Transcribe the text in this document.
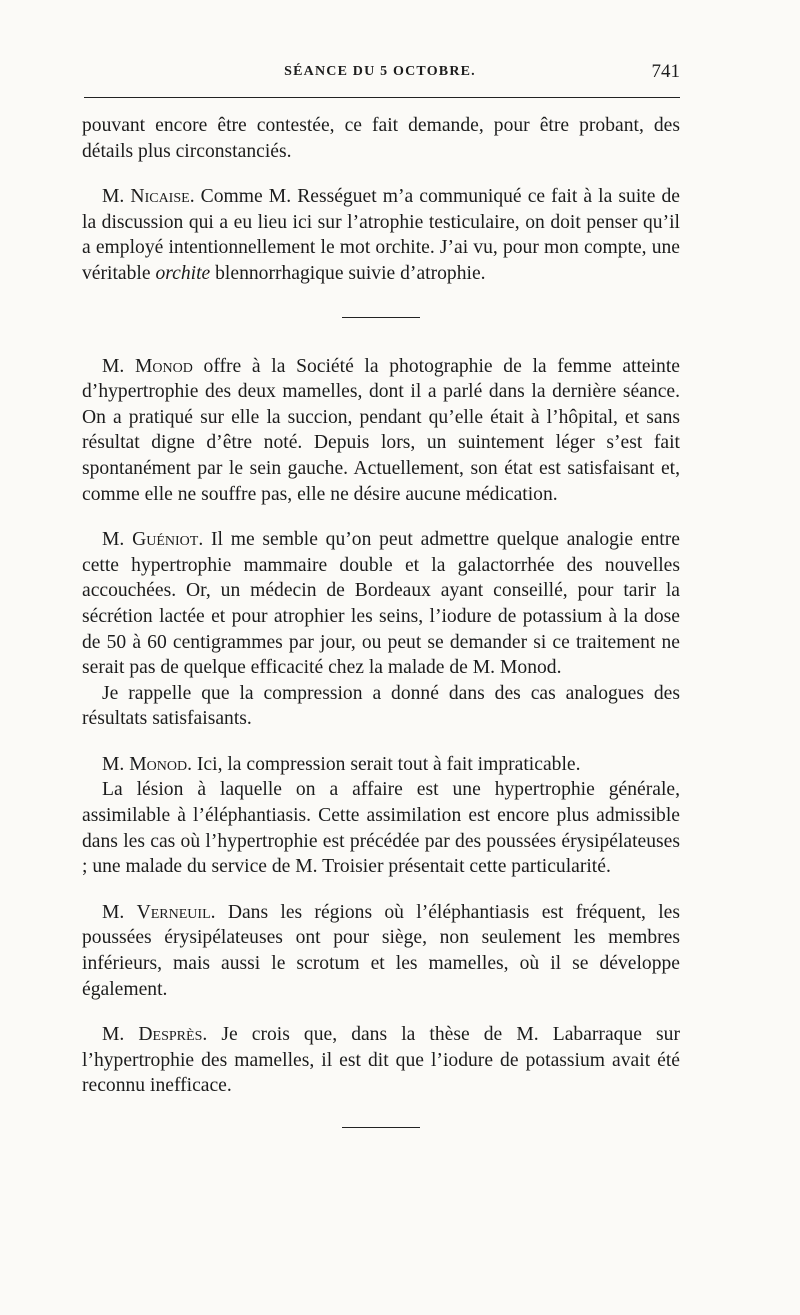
SÉANCE DU 5 OCTOBRE.	741

pouvant encore être contestée, ce fait demande, pour être probant, des détails plus circonstanciés.

M. Nicaise. Comme M. Rességuet m’a communiqué ce fait à la suite de la discussion qui a eu lieu ici sur l’atrophie testiculaire, on doit penser qu’il a employé intentionnellement le mot orchite. J’ai vu, pour mon compte, une véritable orchite blennorrhagique suivie d’atrophie.

M. Monod offre à la Société la photographie de la femme atteinte d’hypertrophie des deux mamelles, dont il a parlé dans la dernière séance. On a pratiqué sur elle la succion, pendant qu’elle était à l’hôpital, et sans résultat digne d’être noté. Depuis lors, un suintement léger s’est fait spontanément par le sein gauche. Actuellement, son état est satisfaisant et, comme elle ne souffre pas, elle ne désire aucune médication.

M. Guéniot. Il me semble qu’on peut admettre quelque analogie entre cette hypertrophie mammaire double et la galactorrhée des nouvelles accouchées. Or, un médecin de Bordeaux ayant conseillé, pour tarir la sécrétion lactée et pour atrophier les seins, l’iodure de potassium à la dose de 50 à 60 centigrammes par jour, ou peut se demander si ce traitement ne serait pas de quelque efficacité chez la malade de M. Monod.

Je rappelle que la compression a donné dans des cas analogues des résultats satisfaisants.

M. Monod. Ici, la compression serait tout à fait impraticable.

La lésion à laquelle on a affaire est une hypertrophie générale, assimilable à l’éléphantiasis. Cette assimilation est encore plus admissible dans les cas où l’hypertrophie est précédée par des poussées érysipélateuses ; une malade du service de M. Troisier présentait cette particularité.

M. Verneuil. Dans les régions où l’éléphantiasis est fréquent, les poussées érysipélateuses ont pour siège, non seulement les membres inférieurs, mais aussi le scrotum et les mamelles, où il se développe également.

M. Desprès. Je crois que, dans la thèse de M. Labarraque sur l’hypertrophie des mamelles, il est dit que l’iodure de potassium avait été reconnu inefficace.
